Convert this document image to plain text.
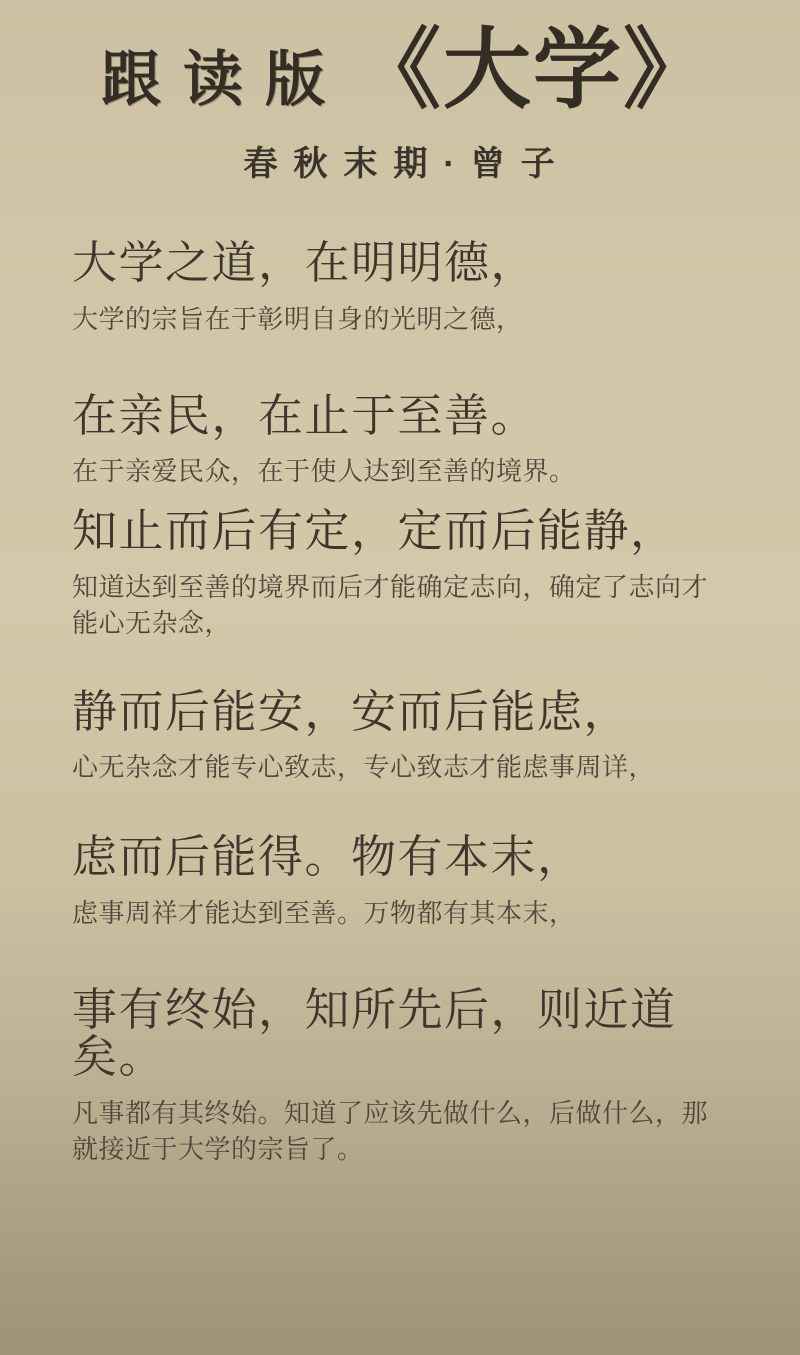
跟读版 《大学》
春秋末期·曾子
大学之道，在明明德，
大学的宗旨在于彰明自身的光明之德，
在亲民，在止于至善。
在于亲爱民众，在于使人达到至善的境界。
知止而后有定，定而后能静，
知道达到至善的境界而后才能确定志向，确定了志向才能心无杂念，
静而后能安，安而后能虑，
心无杂念才能专心致志，专心致志才能虑事周详，
虑而后能得。物有本末，
虑事周祥才能达到至善。万物都有其本末，
事有终始，知所先后，则近道矣。
凡事都有其终始。知道了应该先做什么，后做什么，那就接近于大学的宗旨了。
